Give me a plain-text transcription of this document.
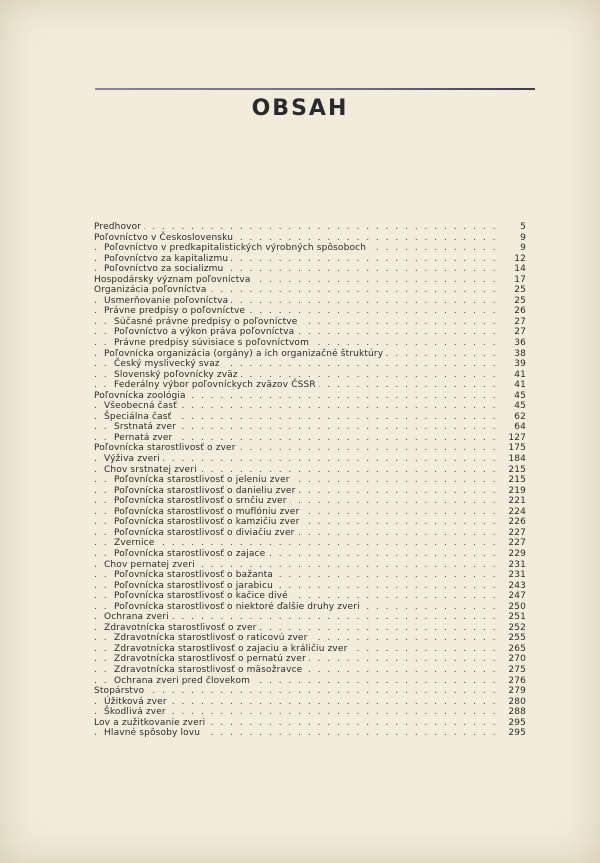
OBSAH
. . .
Predhovor	5
. . .
Poľovníctvo v Československu	9
. . .
Poľovníctvo v predkapitalistických výrobných spôsoboch	9
. . .
Poľovníctvo za kapitalizmu	12
. . .
Poľovníctvo za socializmu	14
. . .
Hospodársky význam poľovníctva	17
. . .
Organizácia poľovníctva	25
. . .
Usmerňovanie poľovníctva	25
. . .
Právne predpisy o poľovníctve	26
. . .
Súčasné právne predpisy o poľovníctve	27
. . .
Poľovníctvo a výkon práva poľovníctva	27
. . .
Právne predpisy súvisiace s poľovníctvom	36
. . .
Poľovnícka organizácia (orgány) a ich organizačné štruktúry	38
. . .
Český myslivecký svaz	39
. . .
Slovenský poľovnícky zväz	41
. . .
Federálny výbor poľovníckych zväzov ČSSR	41
. . .
Poľovnícka zoológia	45
. . .
Všeobecná časť	45
. . .
Špeciálna časť	62
. . .
Srstnatá zver	64
. . .
Pernatá zver	127
. . .
Poľovnícka starostlivosť o zver	175
. . .
Výživa zveri	184
. . .
Chov srstnatej zveri	215
. . .
Poľovnícka starostlivosť o jeleniu zver	215
. . .
Poľovnícka starostlivosť o danieliu zver	219
. . .
Poľovnícka starostlivosť o srnčiu zver	221
. . .
Poľovnícka starostlivosť o muflóniu zver	224
. . .
Poľovnícka starostlivosť o kamzičiu zver	226
. . .
Poľovnícka starostlivosť o diviačiu zver	227
. . .
Zvernice	227
. . .
Poľovnícka starostlivosť o zajace	229
. . .
Chov pernatej zveri	231
. . .
Poľovnícka starostlivosť o bažanta	231
. . .
Poľovnícka starostlivosť o jarabicu	243
. . .
Poľovnícka starostlivosť o kačice divé	247
. . .
Poľovnícka starostlivosť o niektoré ďalšie druhy zveri	250
. . .
Ochrana zveri	251
. . .
Zdravotnícka starostlivosť o zver	252
. . .
Zdravotnícka starostlivosť o raticovú zver	255
. . .
Zdravotnícka starostlivosť o zajaciu a králičiu zver	265
. . .
Zdravotnícka starostlivosť o pernatú zver	270
. . .
Zdravotnícka starostlivosť o mäsožravce	275
. . .
Ochrana zveri pred človekom	276
. . .
Stopárstvo	279
. . .
Úžitková zver	280
. . .
Škodlivá zver	288
. . .
Lov a zužitkovanie zveri	295
. . .
Hlavné spôsoby lovu	295
